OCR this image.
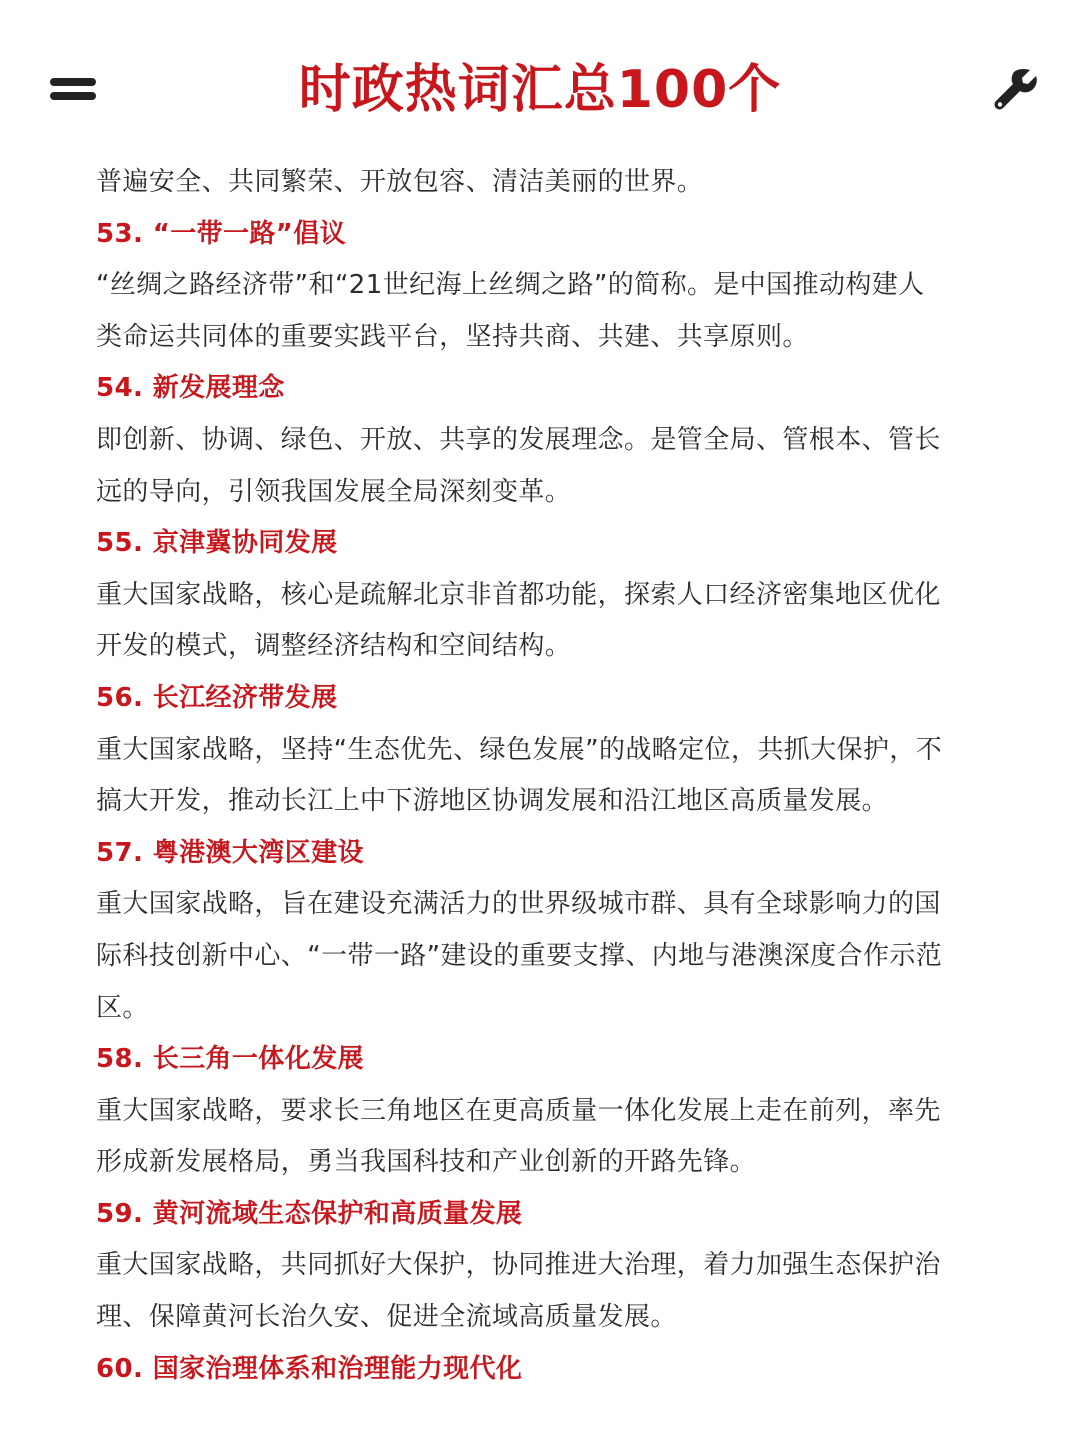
时政热词汇总100个
普遍安全、共同繁荣、开放包容、清洁美丽的世界。
53. “一带一路”倡议
“丝绸之路经济带”和“21世纪海上丝绸之路”的简称。是中国推动构建人
类命运共同体的重要实践平台，坚持共商、共建、共享原则。
54. 新发展理念
即创新、协调、绿色、开放、共享的发展理念。是管全局、管根本、管长
远的导向，引领我国发展全局深刻变革。
55. 京津冀协同发展
重大国家战略，核心是疏解北京非首都功能，探索人口经济密集地区优化
开发的模式，调整经济结构和空间结构。
56. 长江经济带发展
重大国家战略，坚持“生态优先、绿色发展”的战略定位，共抓大保护，不
搞大开发，推动长江上中下游地区协调发展和沿江地区高质量发展。
57. 粤港澳大湾区建设
重大国家战略，旨在建设充满活力的世界级城市群、具有全球影响力的国
际科技创新中心、“一带一路”建设的重要支撑、内地与港澳深度合作示范
区。
58. 长三角一体化发展
重大国家战略，要求长三角地区在更高质量一体化发展上走在前列，率先
形成新发展格局，勇当我国科技和产业创新的开路先锋。
59. 黄河流域生态保护和高质量发展
重大国家战略，共同抓好大保护，协同推进大治理，着力加强生态保护治
理、保障黄河长治久安、促进全流域高质量发展。
60. 国家治理体系和治理能力现代化
